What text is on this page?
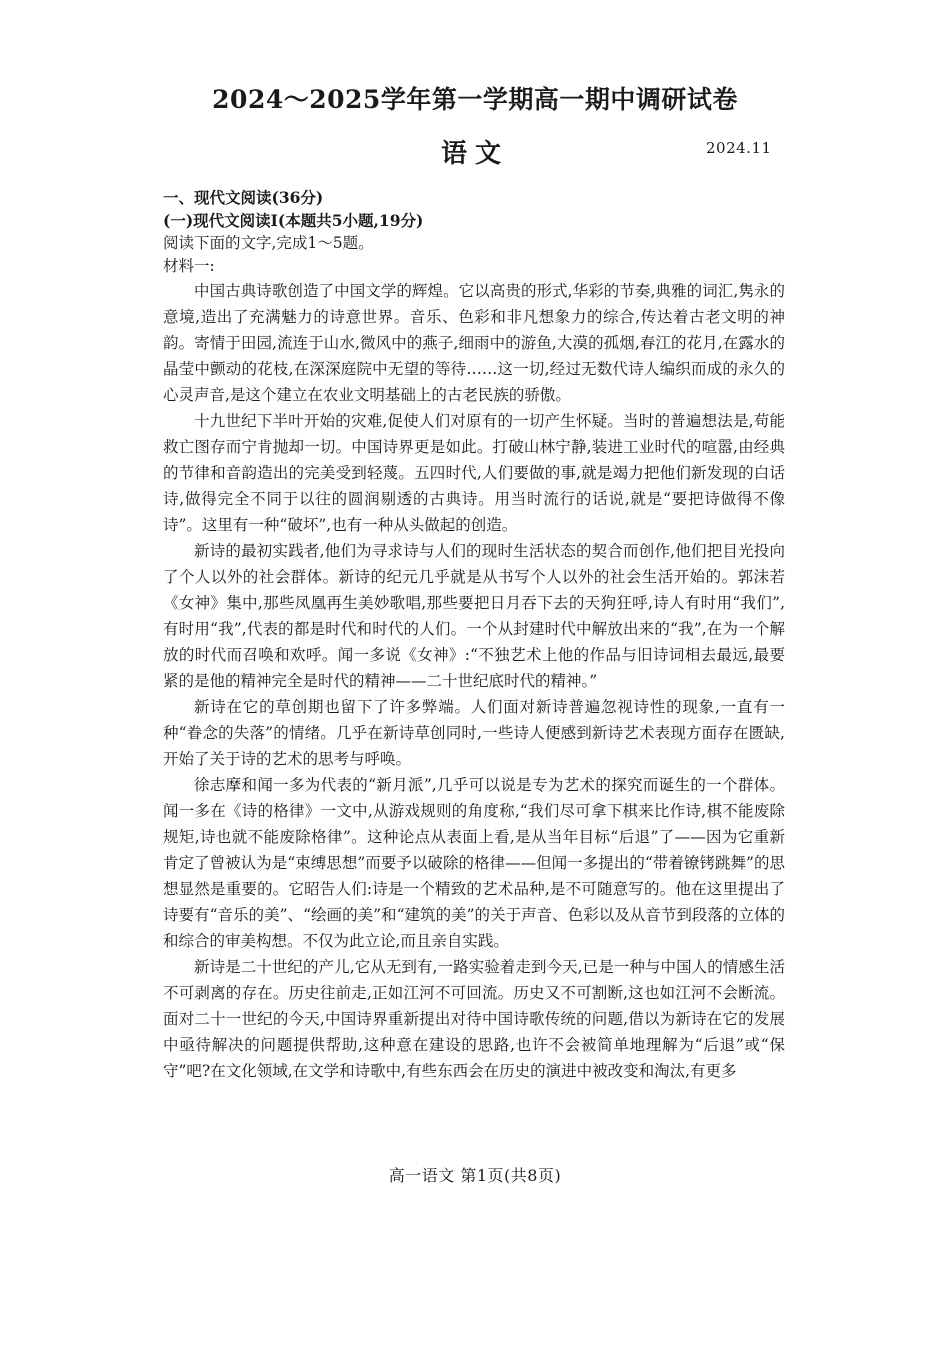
2024～2025学年第一学期高一期中调研试卷
语文	2024.11
一、现代文阅读(36分)
(一)现代文阅读Ⅰ(本题共5小题,19分)
阅读下面的文字,完成1～5题。
材料一:

中国古典诗歌创造了中国文学的辉煌。它以高贵的形式,华彩的节奏,典雅的词汇,隽永的意境,造出了充满魅力的诗意世界。音乐、色彩和非凡想象力的综合,传达着古老文明的神韵。寄情于田园,流连于山水,微风中的燕子,细雨中的游鱼,大漠的孤烟,春江的花月,在露水的晶莹中颤动的花枝,在深深庭院中无望的等待……这一切,经过无数代诗人编织而成的永久的心灵声音,是这个建立在农业文明基础上的古老民族的骄傲。

十九世纪下半叶开始的灾难,促使人们对原有的一切产生怀疑。当时的普遍想法是,苟能救亡图存而宁肯抛却一切。中国诗界更是如此。打破山林宁静,装进工业时代的喧嚣,由经典的节律和音韵造出的完美受到轻蔑。五四时代,人们要做的事,就是竭力把他们新发现的白话诗,做得完全不同于以往的圆润剔透的古典诗。用当时流行的话说,就是“要把诗做得不像诗”。这里有一种“破坏”,也有一种从头做起的创造。

新诗的最初实践者,他们为寻求诗与人们的现时生活状态的契合而创作,他们把目光投向了个人以外的社会群体。新诗的纪元几乎就是从书写个人以外的社会生活开始的。郭沫若《女神》集中,那些凤凰再生美妙歌唱,那些要把日月吞下去的天狗狂呼,诗人有时用“我们”,有时用“我”,代表的都是时代和时代的人们。一个从封建时代中解放出来的“我”,在为一个解放的时代而召唤和欢呼。闻一多说《女神》:“不独艺术上他的作品与旧诗词相去最远,最要紧的是他的精神完全是时代的精神——二十世纪底时代的精神。”

新诗在它的草创期也留下了许多弊端。人们面对新诗普遍忽视诗性的现象,一直有一种“眷念的失落”的情绪。几乎在新诗草创同时,一些诗人便感到新诗艺术表现方面存在匮缺,开始了关于诗的艺术的思考与呼唤。

徐志摩和闻一多为代表的“新月派”,几乎可以说是专为艺术的探究而诞生的一个群体。闻一多在《诗的格律》一文中,从游戏规则的角度称,“我们尽可拿下棋来比作诗,棋不能废除规矩,诗也就不能废除格律”。这种论点从表面上看,是从当年目标“后退”了——因为它重新肯定了曾被认为是“束缚思想”而要予以破除的格律——但闻一多提出的“带着镣铐跳舞”的思想显然是重要的。它昭告人们:诗是一个精致的艺术品种,是不可随意写的。他在这里提出了诗要有“音乐的美”、“绘画的美”和“建筑的美”的关于声音、色彩以及从音节到段落的立体的和综合的审美构想。不仅为此立论,而且亲自实践。

新诗是二十世纪的产儿,它从无到有,一路实验着走到今天,已是一种与中国人的情感生活不可剥离的存在。历史往前走,正如江河不可回流。历史又不可割断,这也如江河不会断流。面对二十一世纪的今天,中国诗界重新提出对待中国诗歌传统的问题,借以为新诗在它的发展中亟待解决的问题提供帮助,这种意在建设的思路,也许不会被简单地理解为“后退”或“保守”吧?在文化领域,在文学和诗歌中,有些东西会在历史的演进中被改变和淘汰,有更多

高一语文 第1页(共8页)
